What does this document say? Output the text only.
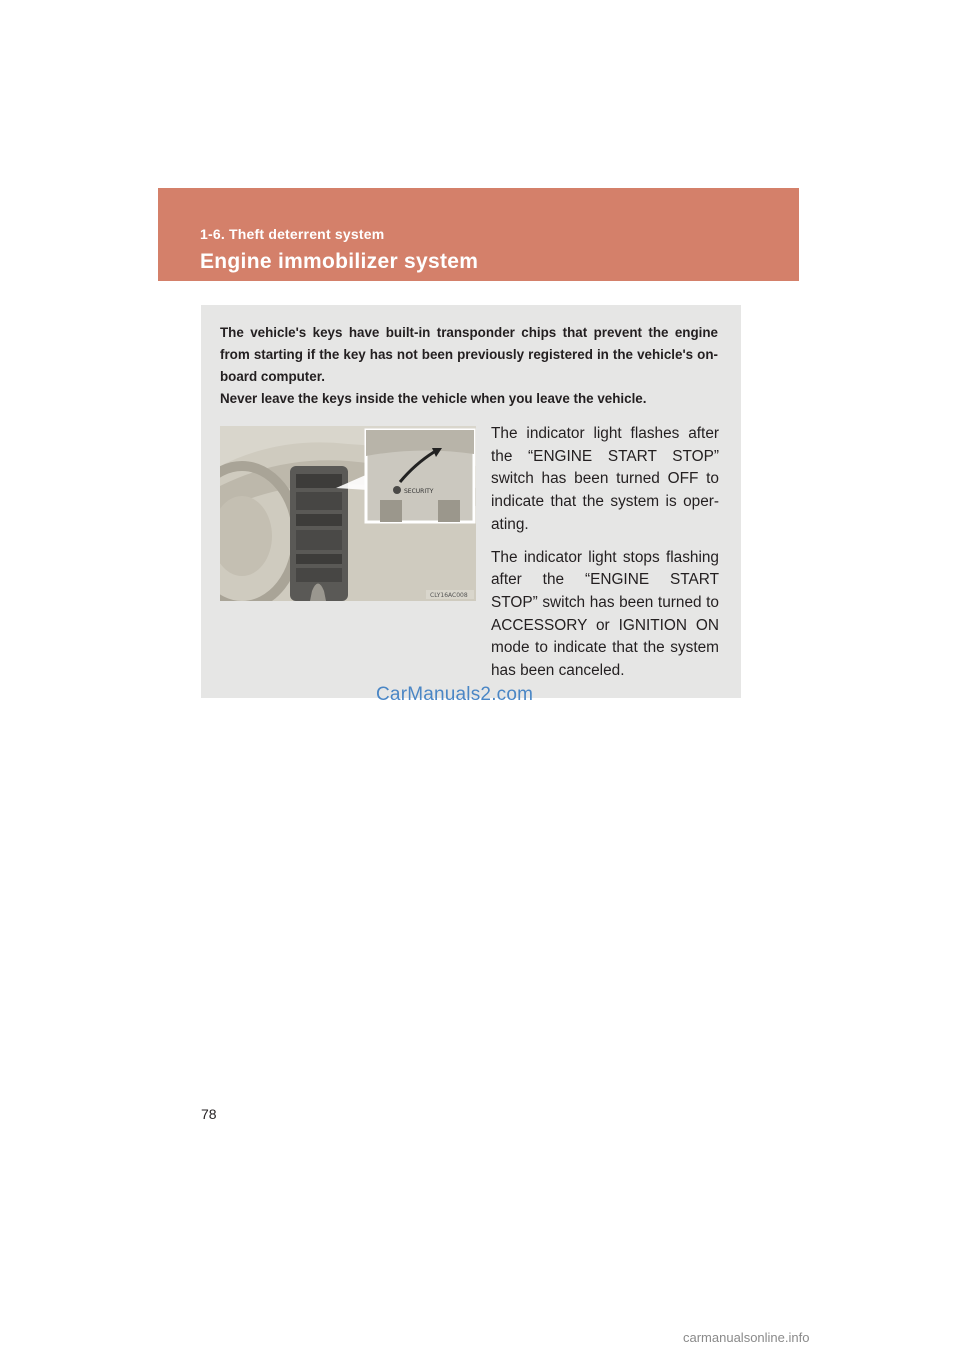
1-6. Theft deterrent system
Engine immobilizer system

The vehicle's keys have built-in transponder chips that prevent the engine from starting if the key has not been previously registered in the vehicle's on-board computer.

Never leave the keys inside the vehicle when you leave the vehicle.

SECURITY
CLY16AC008

The indicator light flashes after the “ENGINE START STOP” switch has been turned OFF to indicate that the system is oper-ating.

The indicator light stops flashing after the “ENGINE START STOP” switch has been turned to ACCESSORY or IGNITION ON mode to indicate that the system has been canceled.

CarManuals2.com
78
carmanualsonline.info
